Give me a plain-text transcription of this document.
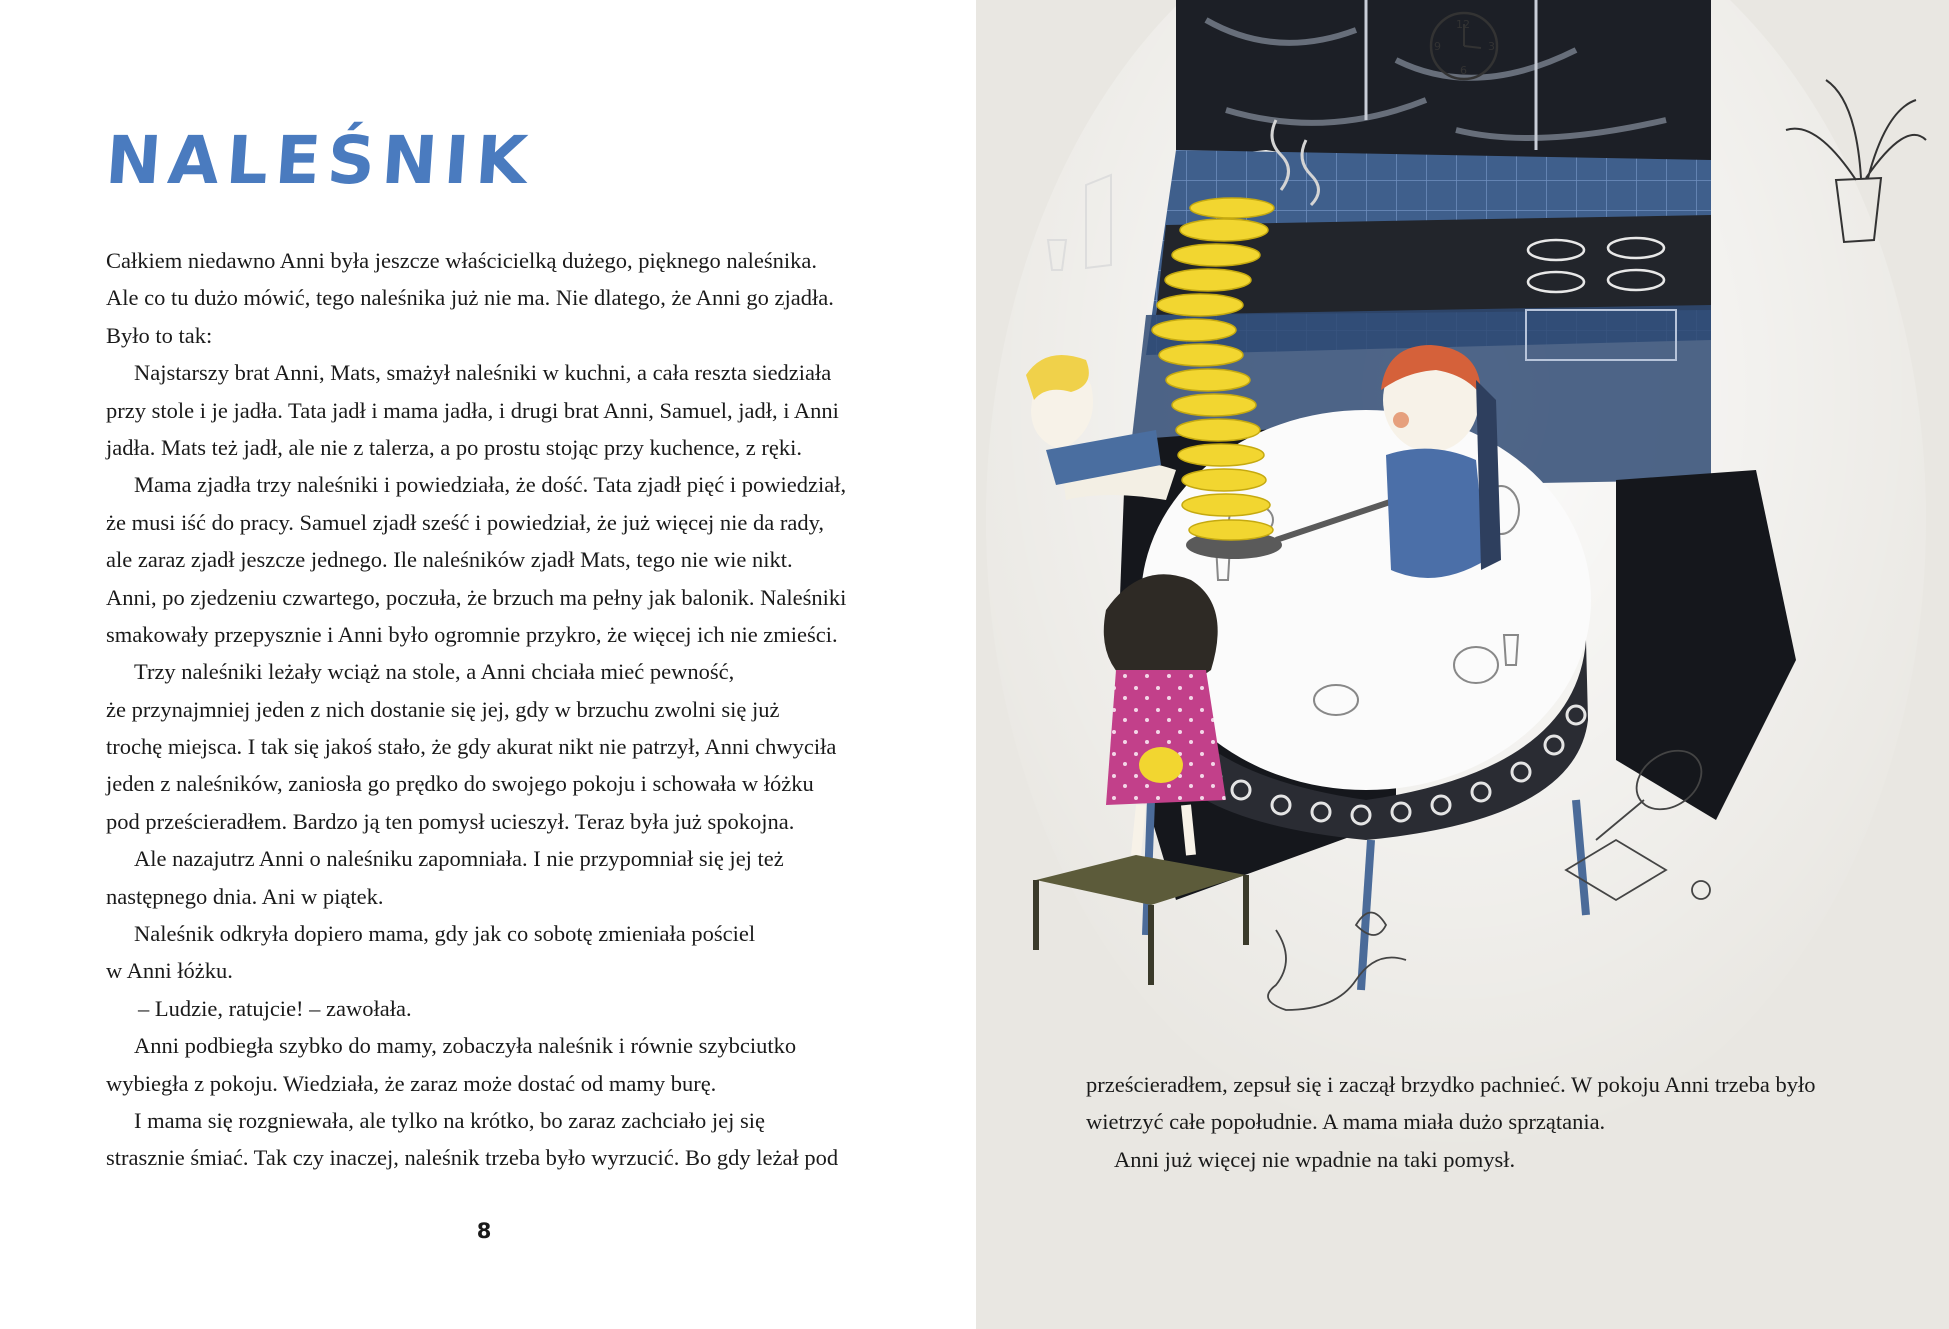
NALEŚNIK
Całkiem niedawno Anni była jeszcze właścicielką dużego, pięknego naleśnika.
Ale co tu dużo mówić, tego naleśnika już nie ma. Nie dlatego, że Anni go zjadła.
Było to tak:
Najstarszy brat Anni, Mats, smażył naleśniki w kuchni, a cała reszta siedziała
przy stole i je jadła. Tata jadł i mama jadła, i drugi brat Anni, Samuel, jadł, i Anni
jadła. Mats też jadł, ale nie z talerza, a po prostu stojąc przy kuchence, z ręki.
Mama zjadła trzy naleśniki i powiedziała, że dość. Tata zjadł pięć i powiedział,
że musi iść do pracy. Samuel zjadł sześć i powiedział, że już więcej nie da rady,
ale zaraz zjadł jeszcze jednego. Ile naleśników zjadł Mats, tego nie wie nikt.
Anni, po zjedzeniu czwartego, poczuła, że brzuch ma pełny jak balonik. Naleśniki
smakowały przepysznie i Anni było ogromnie przykro, że więcej ich nie zmieści.
Trzy naleśniki leżały wciąż na stole, a Anni chciała mieć pewność,
że przynajmniej jeden z nich dostanie się jej, gdy w brzuchu zwolni się już
trochę miejsca. I tak się jakoś stało, że gdy akurat nikt nie patrzył, Anni chwyciła
jeden z naleśników, zaniosła go prędko do swojego pokoju i schowała w łóżku
pod prześcieradłem. Bardzo ją ten pomysł ucieszył. Teraz była już spokojna.
Ale nazajutrz Anni o naleśniku zapomniała. I nie przypomniał się jej też
następnego dnia. Ani w piątek.
Naleśnik odkryła dopiero mama, gdy jak co sobotę zmieniała pościel
w Anni łóżku.
– Ludzie, ratujcie! – zawołała.
Anni podbiegła szybko do mamy, zobaczyła naleśnik i równie szybciutko
wybiegła z pokoju. Wiedziała, że zaraz może dostać od mamy burę.
I mama się rozgniewała, ale tylko na krótko, bo zaraz zachciało jej się
strasznie śmiać. Tak czy inaczej, naleśnik trzeba było wyrzucić. Bo gdy leżał pod
8
12
3
6
9
prześcieradłem, zepsuł się i zaczął brzydko pachnieć. W pokoju Anni trzeba było
wietrzyć całe popołudnie. A mama miała dużo sprzątania.
Anni już więcej nie wpadnie na taki pomysł.
